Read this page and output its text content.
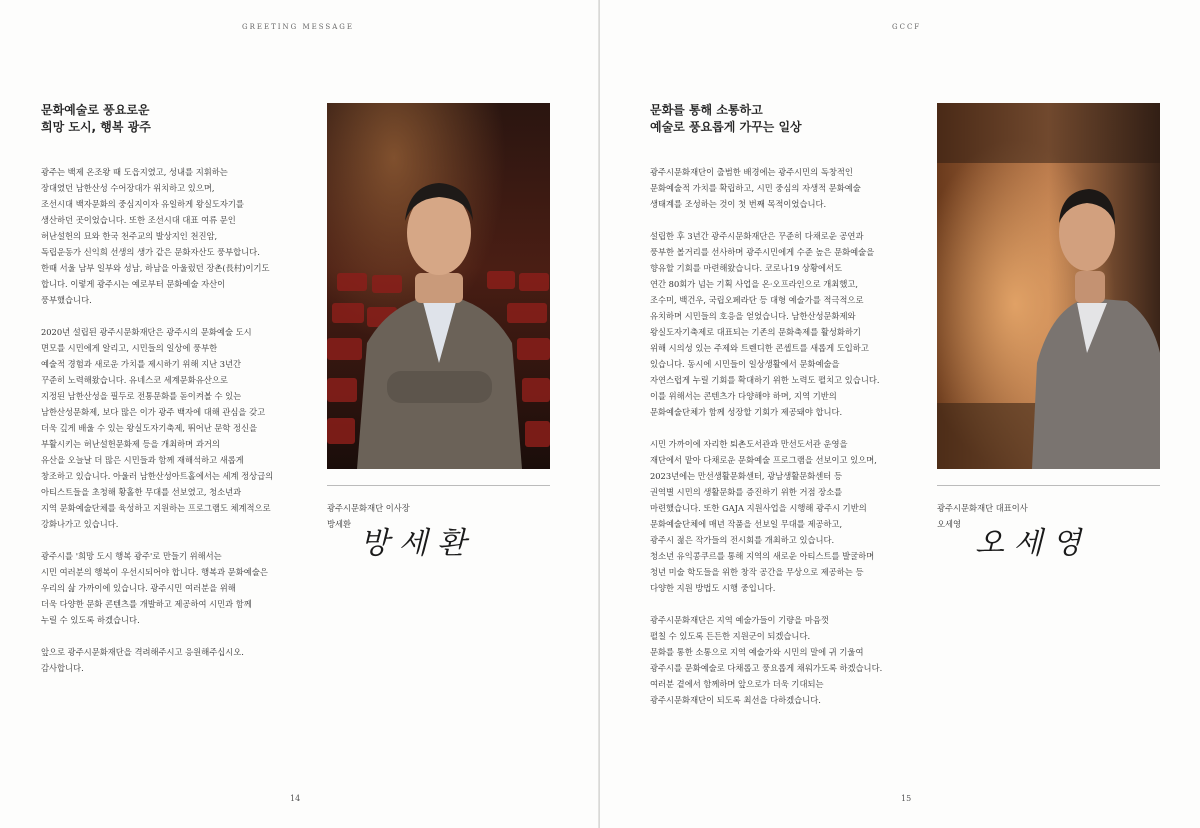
GREETING MESSAGE
문화예술로 풍요로운
희망 도시, 행복 광주
광주는 백제 온조왕 때 도읍지였고, 성내를 지휘하는
장대였던 남한산성 수어장대가 위치하고 있으며,
조선시대 백자문화의 중심지이자 유일하게 왕실도자기를
생산하던 곳이었습니다. 또한 조선시대 대표 여류 문인
허난설헌의 묘와 한국 천주교의 발상지인 천진암,
독립운동가 신익희 선생의 생가 같은 문화자산도 풍부합니다.
한때 서울 남부 일부와 성남, 하남을 아울렀던 장촌(長村)이기도
합니다. 이렇게 광주시는 예로부터 문화예술 자산이
풍부했습니다.
2020년 설립된 광주시문화재단은 광주시의 문화예술 도시
면모를 시민에게 알리고, 시민들의 일상에 풍부한
예술적 경험과 새로운 가치를 제시하기 위해 지난 3년간
꾸준히 노력해왔습니다. 유네스코 세계문화유산으로
지정된 남한산성을 필두로 전통문화를 돋이켜볼 수 있는
남한산성문화제, 보다 많은 이가 광주 백자에 대해 관심을 갖고
더욱 깊게 배울 수 있는 왕실도자기축제, 뛰어난 문학 정신을
부활시키는 허난설헌문화제 등을 개최하며 과거의
유산을 오늘날 더 많은 시민들과 함께 재해석하고 새롭게
창조하고 있습니다. 아울러 남한산성아트홀에서는 세계 정상급의
아티스트들을 초청해 황홀한 무대를 선보였고, 청소년과
지역 문화예술단체를 육성하고 지원하는 프로그램도 체계적으로
강화나가고 있습니다.
광주시를 '희망 도시 행복 광주'로 만들기 위해서는
시민 여러분의 행복이 우선시되어야 합니다. 행복과 문화예술은
우리의 삶 가까이에 있습니다. 광주시민 여러분을 위해
더욱 다양한 문화 콘텐츠를 개발하고 제공하여 시민과 함께
누릴 수 있도록 하겠습니다.
앞으로 광주시문화재단을 격려해주시고 응원해주십시오.
감사합니다.
광주시문화재단 이사장
방세환
방 세 환
14
GCCF
문화를 통해 소통하고
예술로 풍요롭게 가꾸는 일상
광주시문화재단이 출범한 배경에는 광주시민의 독창적인
문화예술적 가치를 확립하고, 시민 중심의 자생적 문화예술
생태계를 조성하는 것이 첫 번째 목적이었습니다.
설립한 후 3년간 광주시문화재단은 꾸준히 다채로운 공연과
풍부한 볼거리를 선사하며 광주시민에게 수준 높은 문화예술을
향유할 기회를 마련해왔습니다. 코로나19 상황에서도
연간 80회가 넘는 기획 사업을 온·오프라인으로 개최했고,
조수미, 백건우, 국립오페라단 등 대형 예술가를 적극적으로
유치하며 시민들의 호응을 얻었습니다. 남한산성문화제와
왕실도자기축제로 대표되는 기존의 문화축제를 활성화하기
위해 시의성 있는 주제와 트렌디한 콘셉트를 새롭게 도입하고
있습니다. 동시에 시민들이 일상생활에서 문화예술을
자연스럽게 누릴 기회를 확대하기 위한 노력도 펼치고 있습니다.
이를 위해서는 콘텐츠가 다양해야 하며, 지역 기반의
문화예술단체가 함께 성장할 기회가 제공돼야 합니다.
시민 가까이에 자리한 퇴촌도서관과 만선도서관 운영을
재단에서 맡아 다채로운 문화예술 프로그램을 선보이고 있으며,
2023년에는 만선생활문화센터, 광남생활문화센터 등
권역별 시민의 생활문화를 증진하기 위한 거점 장소를
마련했습니다. 또한 GAJA 지원사업을 시행해 광주시 기반의
문화예술단체에 매년 작품을 선보일 무대를 제공하고,
광주시 젊은 작가들의 전시회를 개최하고 있습니다.
청소년 유익콩쿠르를 통해 지역의 새로운 아티스트를 발굴하며
청년 미술 학도들을 위한 창작 공간을 무상으로 제공하는 등
다양한 지원 방법도 시행 중입니다.
광주시문화재단은 지역 예술가들이 기량을 마음껏
펼칠 수 있도록 든든한 지원군이 되겠습니다.
문화를 통한 소통으로 지역 예술가와 시민의 말에 귀 기울여
광주시를 문화예술로 다채롭고 풍요롭게 채워가도록 하겠습니다.
여러분 곁에서 함께하며 앞으로가 더욱 기대되는
광주시문화재단이 되도록 최선을 다하겠습니다.
광주시문화재단 대표이사
오세영
오 세 영
15
